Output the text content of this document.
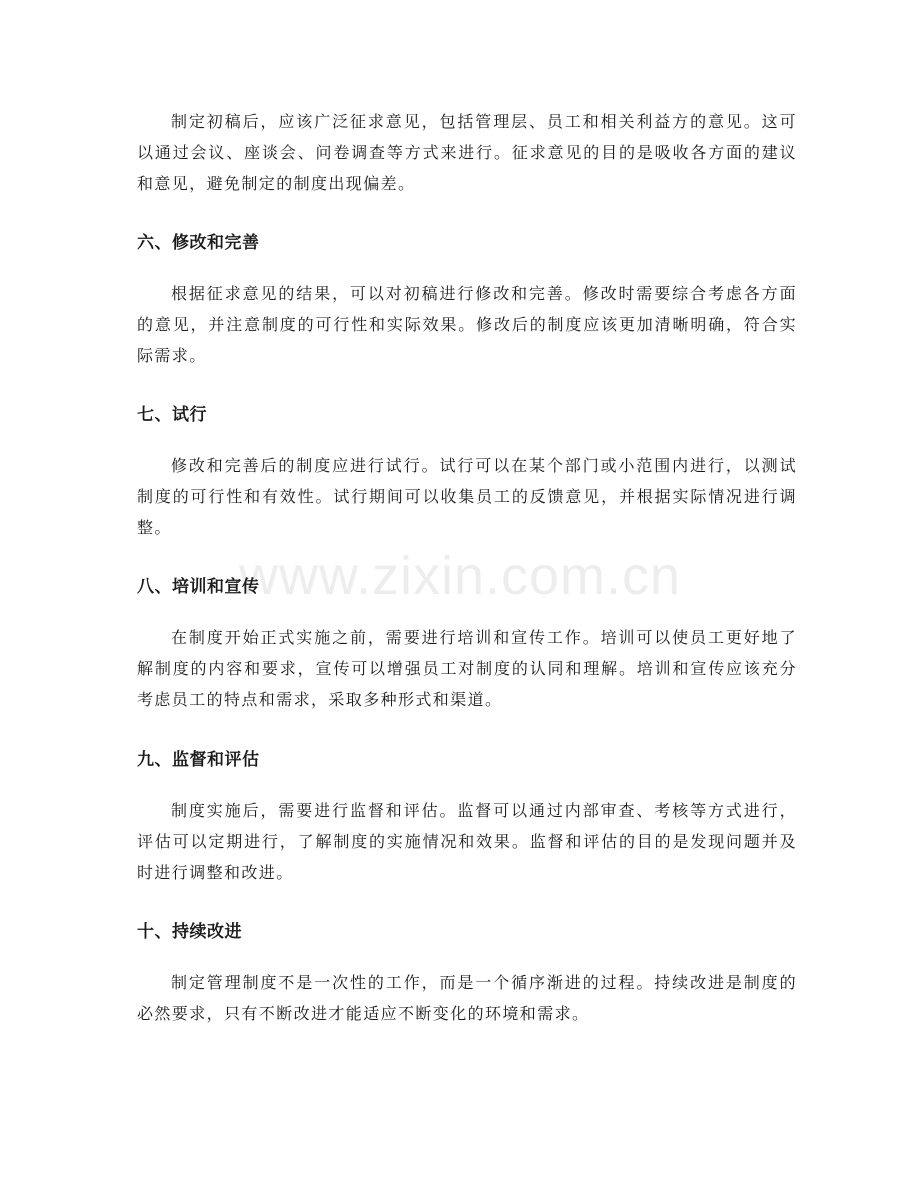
www.zixin.com.cn

制定初稿后，应该广泛征求意见，包括管理层、员工和相关利益方的意见。这可以通过会议、座谈会、问卷调查等方式来进行。征求意见的目的是吸收各方面的建议和意见，避免制定的制度出现偏差。

六、修改和完善

根据征求意见的结果，可以对初稿进行修改和完善。修改时需要综合考虑各方面的意见，并注意制度的可行性和实际效果。修改后的制度应该更加清晰明确，符合实际需求。

七、试行

修改和完善后的制度应进行试行。试行可以在某个部门或小范围内进行，以测试制度的可行性和有效性。试行期间可以收集员工的反馈意见，并根据实际情况进行调整。

八、培训和宣传

在制度开始正式实施之前，需要进行培训和宣传工作。培训可以使员工更好地了解制度的内容和要求，宣传可以增强员工对制度的认同和理解。培训和宣传应该充分考虑员工的特点和需求，采取多种形式和渠道。

九、监督和评估

制度实施后，需要进行监督和评估。监督可以通过内部审查、考核等方式进行，评估可以定期进行，了解制度的实施情况和效果。监督和评估的目的是发现问题并及时进行调整和改进。

十、持续改进

制定管理制度不是一次性的工作，而是一个循序渐进的过程。持续改进是制度的必然要求，只有不断改进才能适应不断变化的环境和需求。
